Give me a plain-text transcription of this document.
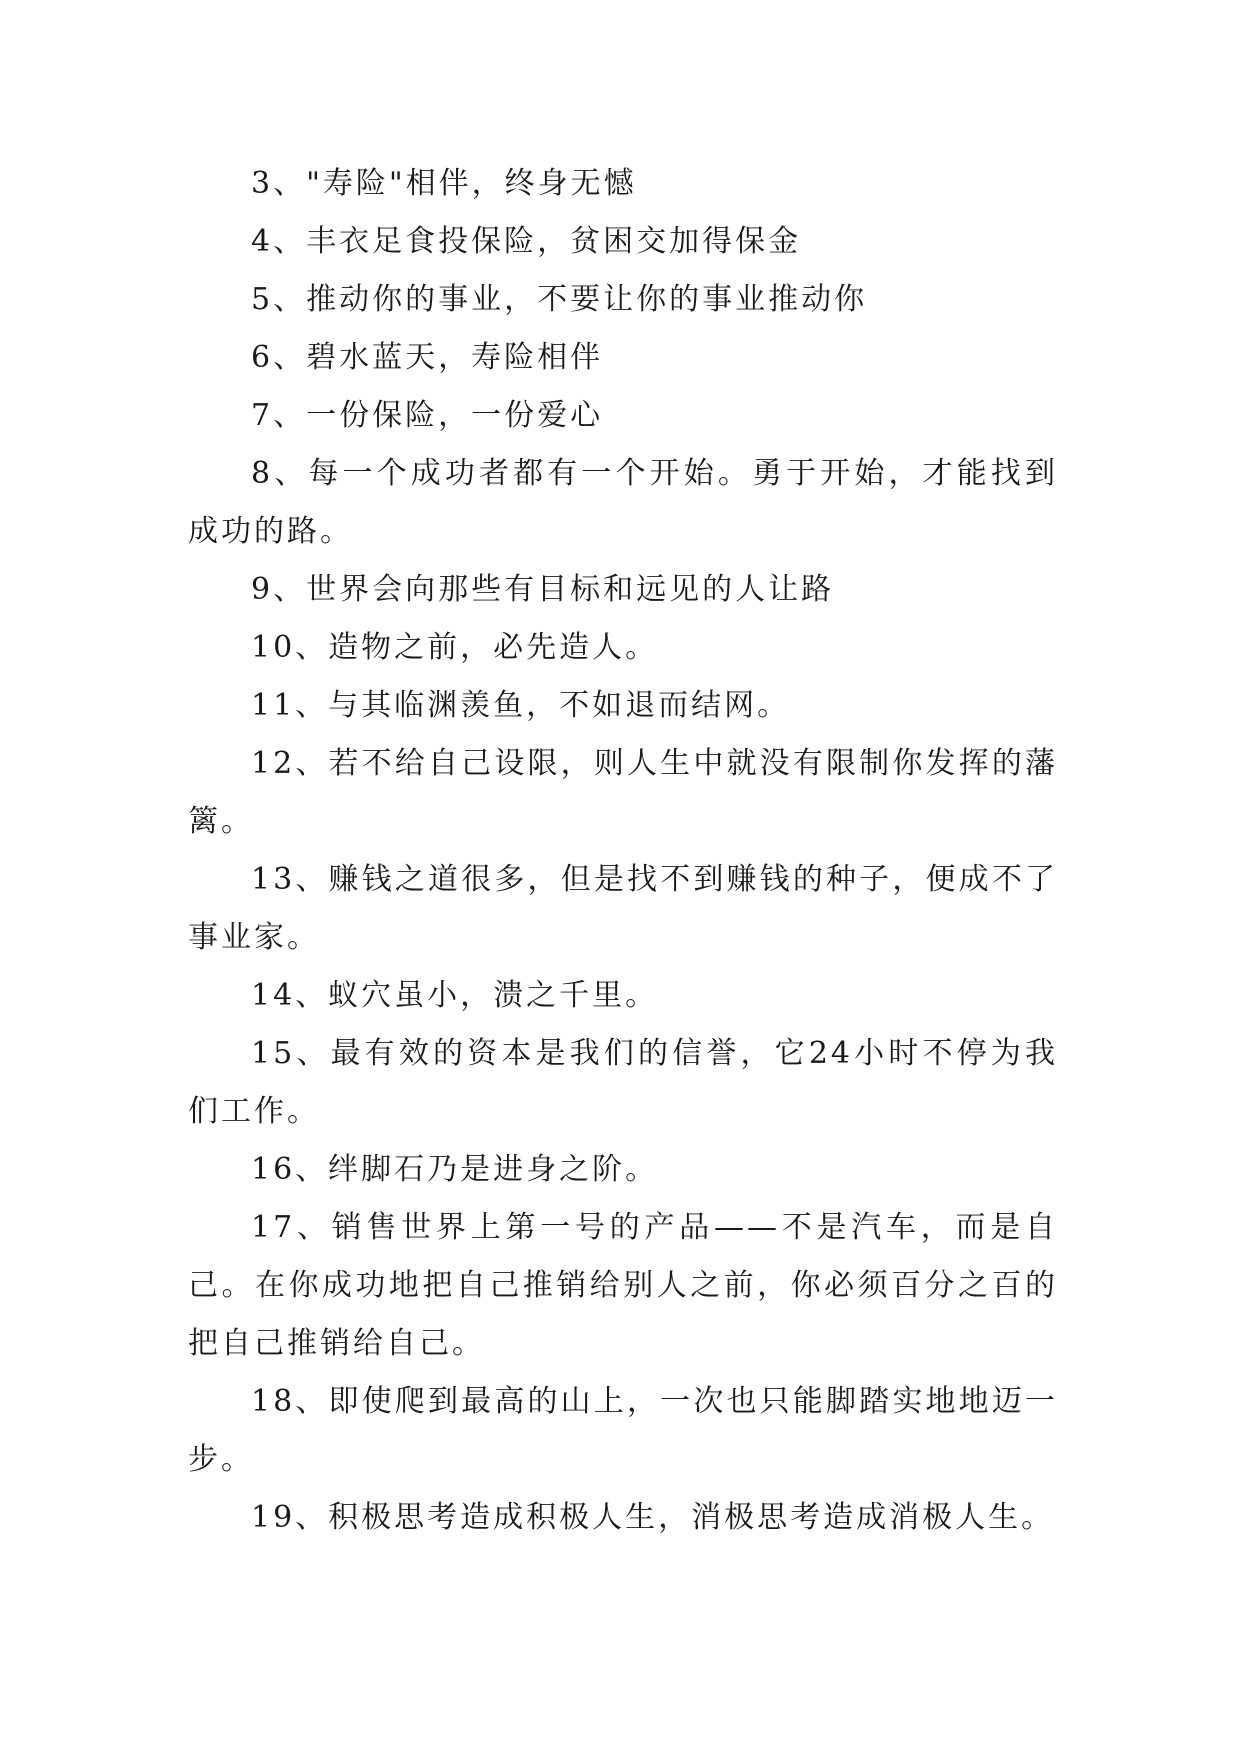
3、"寿险"相伴，终身无憾

4、丰衣足食投保险，贫困交加得保金

5、推动你的事业，不要让你的事业推动你

6、碧水蓝天，寿险相伴

7、一份保险，一份爱心

8、每一个成功者都有一个开始。勇于开始，才能找到成功的路。

9、世界会向那些有目标和远见的人让路

10、造物之前，必先造人。

11、与其临渊羡鱼，不如退而结网。

12、若不给自己设限，则人生中就没有限制你发挥的藩篱。

13、赚钱之道很多，但是找不到赚钱的种子，便成不了事业家。

14、蚁穴虽小，溃之千里。

15、最有效的资本是我们的信誉，它24小时不停为我们工作。

16、绊脚石乃是进身之阶。

17、销售世界上第一号的产品——不是汽车，而是自己。在你成功地把自己推销给别人之前，你必须百分之百的把自己推销给自己。

18、即使爬到最高的山上，一次也只能脚踏实地地迈一步。

19、积极思考造成积极人生，消极思考造成消极人生。
